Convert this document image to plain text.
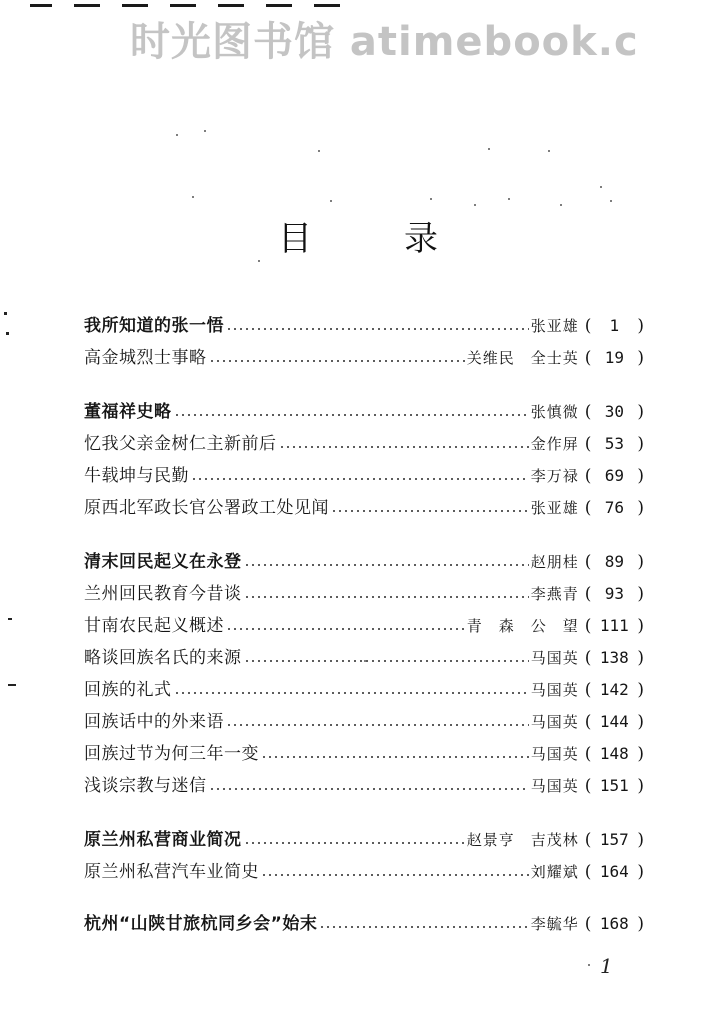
时光图书馆 atimebook.c
目	录
我所知道的张一悟	张亚雄 (	1	)
高金城烈士事略	关维民　全士英 ( 19 )
董福祥史略	张慎微 ( 30 )
忆我父亲金树仁主新前后	金作屏 ( 53 )
牛载坤与民勤	李万禄 ( 69 )
原西北军政长官公署政工处见闻	张亚雄 ( 76 )
清末回民起义在永登	赵朋桂 ( 89 )
兰州回民教育今昔谈	李燕青 ( 93 )
甘南农民起义概述	青　森　公　望 ( 111 )
略谈回族名氏的来源	马国英 ( 138 )
回族的礼式	马国英 ( 142 )
回族话中的外来语	马国英 ( 144 )
回族过节为何三年一变	马国英 ( 148 )
浅谈宗教与迷信	马国英 ( 151 )
原兰州私营商业简况	赵景亨　吉茂林 ( 157 )
原兰州私营汽车业简史	刘耀斌 ( 164 )
杭州“山陕甘旅杭同乡会”始末	李毓华 ( 168 )
1
